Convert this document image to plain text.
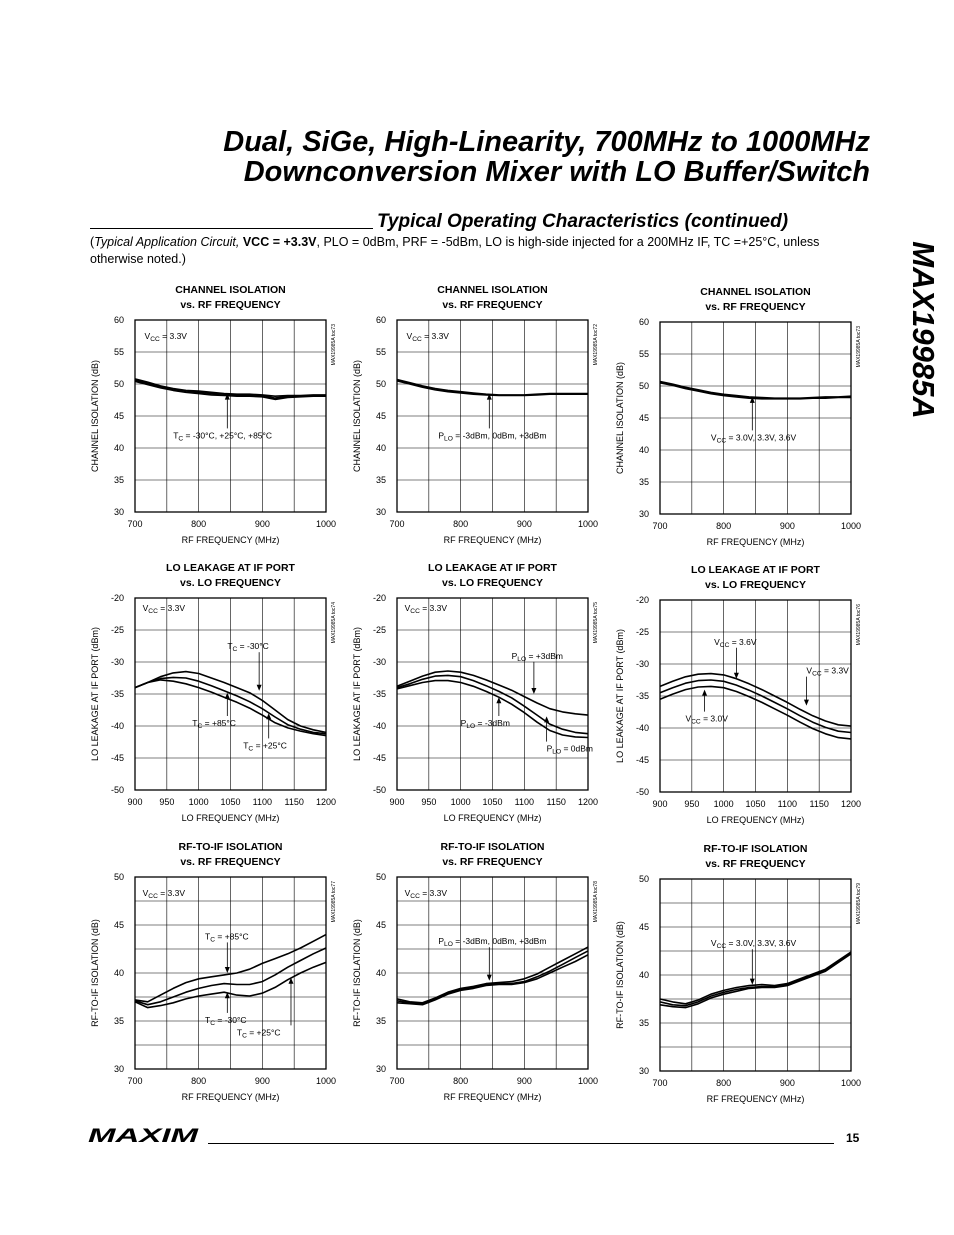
Dual, SiGe, High-Linearity, 700MHz to 1000MHz
Downconversion Mixer with LO Buffer/Switch
MAX19985A
Typical Operating Characteristics (continued)
(Typical Application Circuit, VCC = +3.3V, PLO = 0dBm, PRF = -5dBm, LO is high-side injected for a 200MHz IF, TC =+25°C, unless otherwise noted.)
CHANNEL ISOLATION
vs. RF FREQUENCY
700	800	900	1000
30
35
40
45
50
55
60
RF FREQUENCY (MHz)
CHANNEL ISOLATION (dB)
MAX19985A toc73
VCC = 3.3V
TC = -30°C, +25°C, +85°C
CHANNEL ISOLATION
vs. RF FREQUENCY
700	800	900	1000
30
35
40
45
50
55
60
RF FREQUENCY (MHz)
CHANNEL ISOLATION (dB)
MAX19985A toc72
VCC = 3.3V
PLO = -3dBm, 0dBm, +3dBm
CHANNEL ISOLATION
vs. RF FREQUENCY
700	800	900	1000
30
35
40
45
50
55
60
RF FREQUENCY (MHz)
CHANNEL ISOLATION (dB)
MAX19985A toc73
VCC = 3.0V, 3.3V, 3.6V
LO LEAKAGE AT IF PORT
vs. LO FREQUENCY
900 950 1000 1050 1100 1150 1200
-50
-45
-40
-35
-30
-25
-20
LO FREQUENCY (MHz)
LO LEAKAGE AT IF PORT (dBm)
MAX19985A toc74
VCC = 3.3V
TC = -30°C
TC = +85°C
TC = +25°C
LO LEAKAGE AT IF PORT
vs. LO FREQUENCY
900 950 1000 1050 1100 1150 1200
-50
-45
-40
-35
-30
-25
-20
LO FREQUENCY (MHz)
LO LEAKAGE AT IF PORT (dBm)
MAX19985A toc75
VCC = 3.3V
PLO = +3dBm
PLO = -3dBm
PLO = 0dBm
LO LEAKAGE AT IF PORT
vs. LO FREQUENCY
900 950 1000 1050 1100 1150 1200
-50
-45
-40
-35
-30
-25
-20
LO FREQUENCY (MHz)
LO LEAKAGE AT IF PORT (dBm)
MAX19985A toc76
VCC = 3.6V
VCC = 3.3V
VCC = 3.0V
RF-TO-IF ISOLATION
vs. RF FREQUENCY
700	800	900	1000
30
35
40
45
50
RF FREQUENCY (MHz)
RF-TO-IF ISOLATION (dB)
MAX19985A toc77
VCC = 3.3V
TC = +85°C
TC = -30°C
TC = +25°C
RF-TO-IF ISOLATION
vs. RF FREQUENCY
700	800	900	1000
30
35
40
45
50
RF FREQUENCY (MHz)
RF-TO-IF ISOLATION (dB)
MAX19985A toc78
VCC = 3.3V
PLO = -3dBm, 0dBm, +3dBm
RF-TO-IF ISOLATION
vs. RF FREQUENCY
700	800	900	1000
30
35
40
45
50
RF FREQUENCY (MHz)
RF-TO-IF ISOLATION (dB)
MAX19985A toc79
VCC = 3.0V, 3.3V, 3.6V
MAXIM	15
